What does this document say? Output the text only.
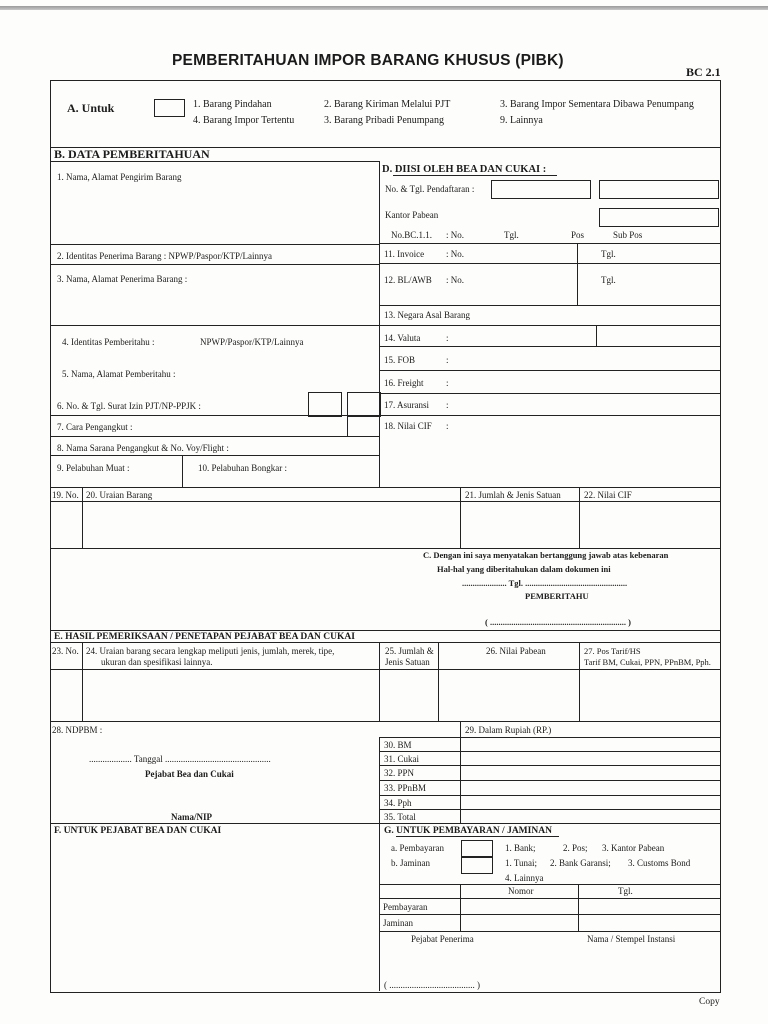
PEMBERITAHUAN IMPOR BARANG KHUSUS (PIBK)
BC 2.1
A. Untuk	1. Barang Pindahan	2. Barang Kiriman Melalui PJT	3. Barang Impor Sementara Dibawa Penumpang
4. Barang Impor Tertentu	3. Barang Pribadi Penumpang	9. Lainnya
B. DATA PEMBERITAHUAN
1. Nama, Alamat Pengirim Barang
2. Identitas Penerima Barang : NPWP/Paspor/KTP/Lainnya
3. Nama, Alamat Penerima Barang :
4. Identitas Pemberitahu :	NPWP/Paspor/KTP/Lainnya
5. Nama, Alamat Pemberitahu :
6. No. & Tgl. Surat Izin PJT/NP-PPJK :
7. Cara Pengangkut :
8. Nama Sarana Pengangkut & No. Voy/Flight :
9. Pelabuhan Muat :	10. Pelabuhan Bongkar :
D. DIISI OLEH BEA DAN CUKAI :
No. & Tgl. Pendaftaran :
Kantor Pabean
No.BC.1.1. : No.	Tgl.	Pos	Sub Pos
11. Invoice : No.	Tgl.
12. BL/AWB : No.	Tgl.
13. Negara Asal Barang
14. Valuta	:
15. FOB	:
16. Freight	:
17. Asuransi :
18. Nilai CIF :
19. No. 20. Uraian Barang	21. Jumlah & Jenis Satuan	22. Nilai CIF
C. Dengan ini saya menyatakan bertanggung jawab atas kebenaran
Hal-hal yang diberitahukan dalam dokumen ini
..................... Tgl. ................................................
PEMBERITAHU
( ................................................................ )
E. HASIL PEMERIKSAAN / PENETAPAN PEJABAT BEA DAN CUKAI
23. No. 24. Uraian barang secara lengkap meliputi jenis, jumlah, merek, tipe,
ukuran dan spesifikasi lainnya.
25. Jumlah &
Jenis Satuan
26. Nilai Pabean	27. Pos Tarif/HS
Tarif BM, Cukai, PPN, PPnBM, Pph.
28. NDPBM :	29. Dalam Rupiah (RP.)
30. BM
31. Cukai
32. PPN
33. PPnBM
34. Pph
35. Total
................... Tanggal ...............................................
Pejabat Bea dan Cukai
Nama/NIP
F. UNTUK PEJABAT BEA DAN CUKAI	G. UNTUK PEMBAYARAN / JAMINAN
a. Pembayaran
b. Jaminan
1. Bank;	2. Pos; 3. Kantor Pabean
1. Tunai; 2. Bank Garansi; 3. Customs Bond
4. Lainnya
Nomor	Tgl.
Pembayaran
Jaminan
Pejabat Penerima	Nama / Stempel Instansi
( ...................................... )
Copy
